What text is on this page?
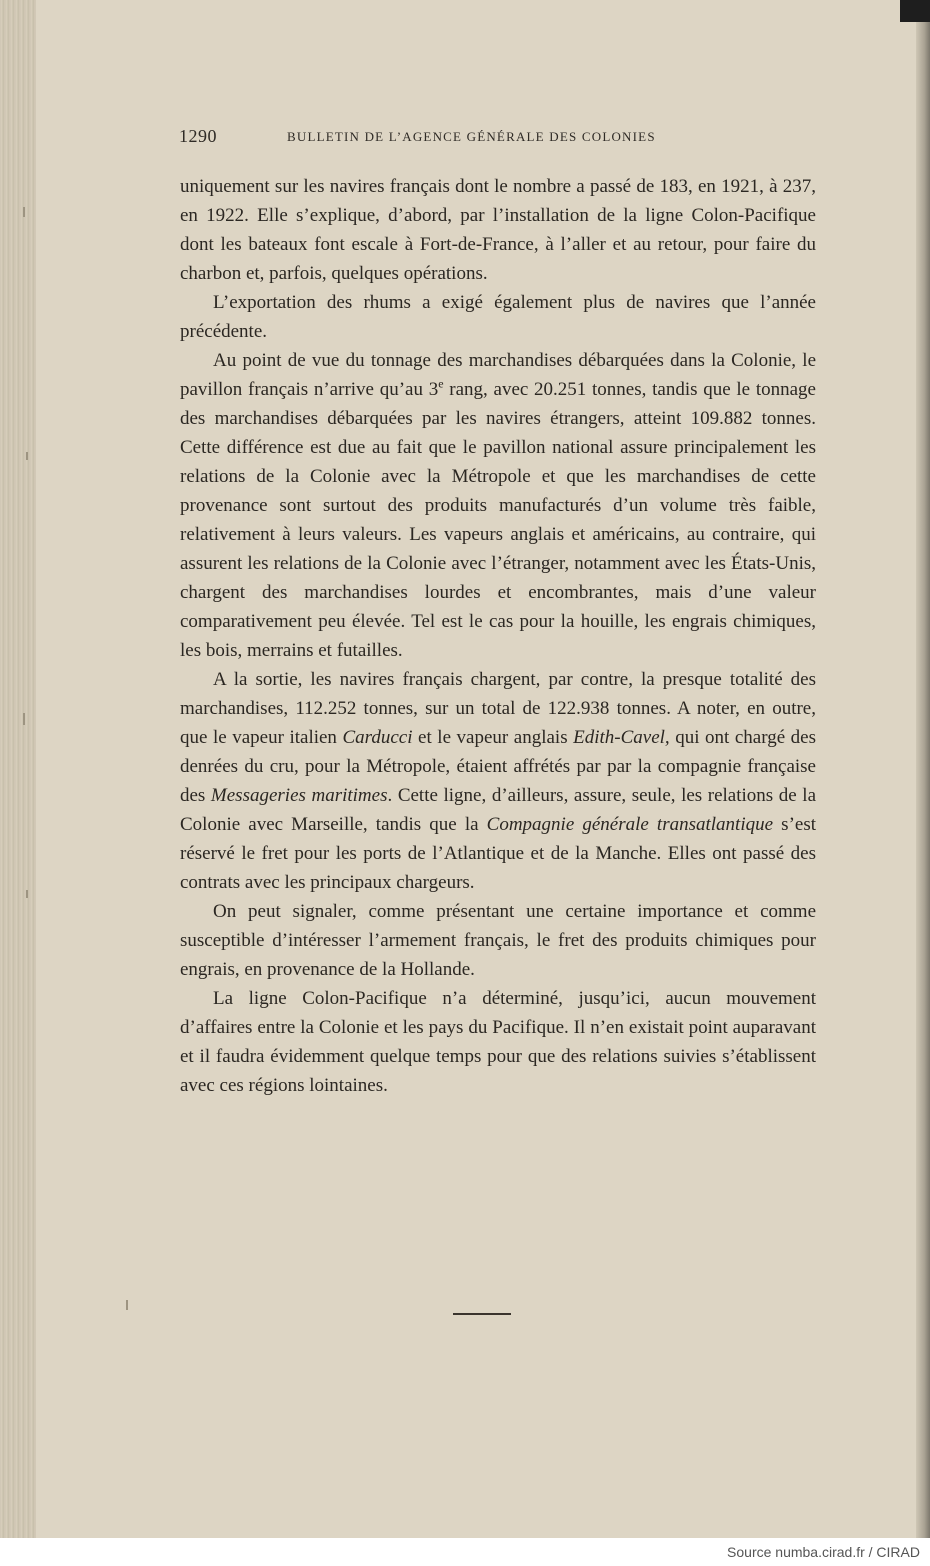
1290	BULLETIN DE L’AGENCE GÉNÉRALE DES COLONIES

uniquement sur les navires français dont le nombre a passé de 183, en 1921, à 237, en 1922. Elle s’explique, d’abord, par l’installation de la ligne Colon-Pacifique dont les bateaux font escale à Fort-de-France, à l’aller et au retour, pour faire du charbon et, parfois, quelques opérations.

L’exportation des rhums a exigé également plus de navires que l’année précédente.

Au point de vue du tonnage des marchandises débarquées dans la Colonie, le pavillon français n’arrive qu’au 3e rang, avec 20.251 tonnes, tandis que le tonnage des marchandises débarquées par les navires étrangers, atteint 109.882 tonnes. Cette différence est due au fait que le pavillon national assure principalement les relations de la Colonie avec la Métropole et que les marchandises de cette provenance sont surtout des produits manufacturés d’un volume très faible, relativement à leurs valeurs. Les vapeurs anglais et américains, au contraire, qui assurent les relations de la Colonie avec l’étranger, notamment avec les États-Unis, chargent des marchandises lourdes et encombrantes, mais d’une valeur comparativement peu élevée. Tel est le cas pour la houille, les engrais chimiques, les bois, merrains et futailles.

A la sortie, les navires français chargent, par contre, la presque totalité des marchandises, 112.252 tonnes, sur un total de 122.938 tonnes. A noter, en outre, que le vapeur italien Carducci et le vapeur anglais Edith-Cavel, qui ont chargé des denrées du cru, pour la Métropole, étaient affrétés par par la compagnie française des Messageries maritimes. Cette ligne, d’ailleurs, assure, seule, les relations de la Colonie avec Marseille, tandis que la Compagnie générale transatlantique s’est réservé le fret pour les ports de l’Atlantique et de la Manche. Elles ont passé des contrats avec les principaux chargeurs.

On peut signaler, comme présentant une certaine importance et comme susceptible d’intéresser l’armement français, le fret des produits chimiques pour engrais, en provenance de la Hollande.

La ligne Colon-Pacifique n’a déterminé, jusqu’ici, aucun mouvement d’affaires entre la Colonie et les pays du Pacifique. Il n’en existait point auparavant et il faudra évidemment quelque temps pour que des relations suivies s’établissent avec ces régions lointaines.

Source numba.cirad.fr / CIRAD
